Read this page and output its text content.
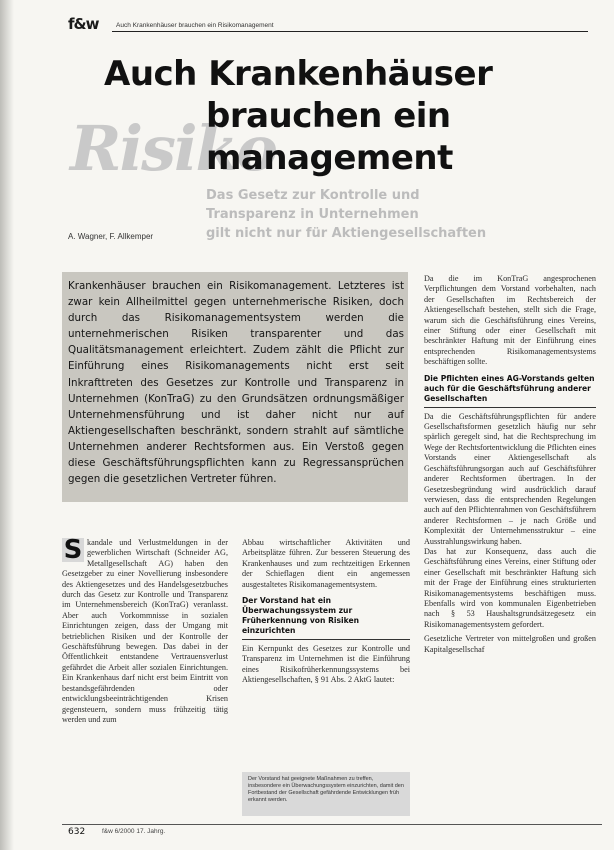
f&w	Auch Krankenhäuser brauchen ein Risikomanagement
Risiko
Auch Krankenhäuser
brauchen ein
management
Das Gesetz zur Kontrolle und
Transparenz in Unternehmen
gilt nicht nur für Aktiengesellschaften
A. Wagner, F. Allkemper

Krankenhäuser brauchen ein Risikomanagement. Letzteres ist zwar kein Allheilmittel gegen unternehmerische Risiken, doch durch das Risikomanagementsystem werden die unternehmerischen Risiken transparenter und das Qualitätsmanagement erleichtert. Zudem zählt die Pflicht zur Einführung eines Risikomanagements nicht erst seit Inkrafttreten des Gesetzes zur Kontrolle und Transparenz in Unternehmen (KonTraG) zu den Grundsätzen ordnungsmäßiger Unternehmensführung und ist daher nicht nur auf Aktiengesellschaften beschränkt, sondern strahlt auf sämtliche Unternehmen anderer Rechtsformen aus. Ein Verstoß gegen diese Geschäftsführungspflichten kann zu Regressansprüchen gegen die gesetzlichen Vertreter führen.

S kandale und Verlustmeldungen in der gewerblichen Wirtschaft (Schneider AG, Metallgesellschaft AG) haben den Gesetzgeber zu einer Novellierung insbesondere des Aktiengesetzes und des Handelsgesetzbuches durch das Gesetz zur Kontrolle und Transparenz im Unternehmensbereich (KonTraG) veranlasst. Aber auch Vorkommnisse in sozialen Einrichtungen zeigen, dass der Umgang mit betrieblichen Risiken und der Kontrolle der Geschäftsführung bewegen. Das dabei in der Öffentlichkeit entstandene Vertrauensverlust gefährdet die Arbeit aller sozialen Einrichtungen. Ein Krankenhaus darf nicht erst beim Eintritt von bestandsgefährdenden oder entwicklungsbeeinträchtigenden Krisen gegensteuern, sondern muss frühzeitig tätig werden und zum

Abbau wirtschaftlicher Aktivitäten und Arbeitsplätze führen. Zur besseren Steuerung des Krankenhauses und zum rechtzeitigen Erkennen der Schieflagen dient ein angemessen ausgestaltetes Risikomanagementsystem.

Der Vorstand hat ein Überwachungssystem zur Früherkennung von Risiken einzurichten

Ein Kernpunkt des Gesetzes zur Kontrolle und Transparenz im Unternehmen ist die Einführung eines Risikofrüherkennungssystems bei Aktiengesellschaften, § 91 Abs. 2 AktG lautet:

Der Vorstand hat geeignete Maßnahmen zu treffen, insbesondere ein Überwachungssystem einzurichten, damit den Fortbestand der Gesellschaft gefährdende Entwicklungen früh erkannt werden.

Da die im KonTraG angesprochenen Verpflichtungen dem Vorstand vorbehalten, nach der Gesellschaften im Rechtsbereich der Aktiengesellschaft bestehen, stellt sich die Frage, warum sich die Geschäftsführung eines Vereins, einer Stiftung oder einer Gesellschaft mit beschränkter Haftung mit der Einführung eines entsprechenden Risikomanagementsystems beschäftigen sollte.

Die Pflichten eines AG-Vorstands gelten auch für die Geschäftsführung anderer Gesellschaften

Da die Geschäftsführungspflichten für andere Gesellschaftsformen gesetzlich häufig nur sehr spärlich geregelt sind, hat die Rechtsprechung im Wege der Rechtsfortentwicklung die Pflichten eines Vorstands einer Aktiengesellschaft als Geschäftsführungsorgan auch auf Geschäftsführer anderer Rechtsformen übertragen. In der Gesetzesbegründung wird ausdrücklich darauf verwiesen, dass die entsprechenden Regelungen auch auf den Pflichtenrahmen von Geschäftsführern anderer Rechtsformen – je nach Größe und Komplexität der Unternehmensstruktur – eine Ausstrahlungswirkung haben.

Das hat zur Konsequenz, dass auch die Geschäftsführung eines Vereins, einer Stiftung oder einer Gesellschaft mit beschränkter Haftung sich mit der Frage der Einführung eines strukturierten Risikomanagementsystems beschäftigen muss. Ebenfalls wird von kommunalen Eigenbetrieben nach § 53 Haushaltsgrundsätzegesetz ein Risikomanagementsystem gefordert.

Gesetzliche Vertreter von mittelgroßen und großen Kapitalgesellschaf

632	f&w 6/2000 17. Jahrg.
